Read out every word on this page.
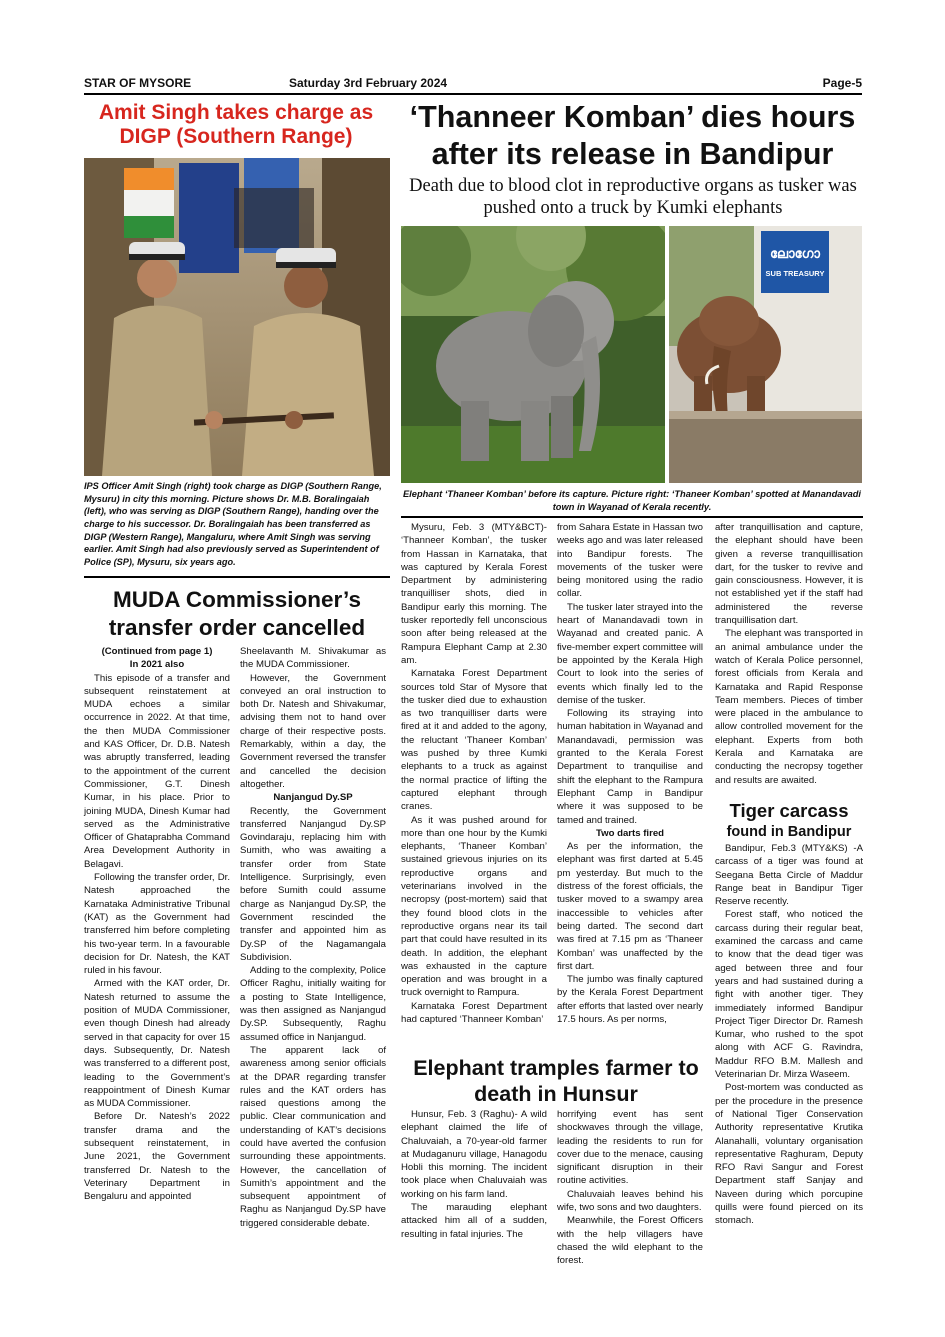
STAR OF MYSORE	Saturday 3rd February 2024	Page-5
Amit Singh takes charge as DIGP (Southern Range)
IPS Officer Amit Singh (right) took charge as DIGP (Southern Range, Mysuru) in city this morning. Picture shows Dr. M.B. Boralingaiah (left), who was serving as DIGP (Southern Range), handing over the charge to his successor. Dr. Boralingaiah has been transferred as DIGP (Western Range), Mangaluru, where Amit Singh was serving earlier. Amit Singh had also previously served as Superintendent of Police (SP), Mysuru, six years ago.
MUDA Commissioner’s transfer order cancelled

(Continued from page 1)

In 2021 also

This episode of a transfer and subsequent reinstatement at MUDA echoes a similar occurrence in 2022. At that time, the then MUDA Commissioner and KAS Officer, Dr. D.B. Natesh was abruptly transferred, leading to the appointment of the current Commissioner, G.T. Dinesh Kumar, in his place. Prior to joining MUDA, Dinesh Kumar had served as the Administrative Officer of Ghataprabha Command Area Development Authority in Belagavi.

Following the transfer order, Dr. Natesh approached the Karnataka Administrative Tribunal (KAT) as the Government had transferred him before completing his two-year term. In a favourable decision for Dr. Natesh, the KAT ruled in his favour.

Armed with the KAT order, Dr. Natesh returned to assume the position of MUDA Commissioner, even though Dinesh had already served in that capacity for over 15 days. Subsequently, Dr. Natesh was transferred to a different post, leading to the Government’s reappointment of Dinesh Kumar as MUDA Commissioner.

Before Dr. Natesh’s 2022 transfer drama and the subsequent reinstatement, in June 2021, the Government transferred Dr. Natesh to the Veterinary Department in Bengaluru and appointed

Sheelavanth M. Shivakumar as the MUDA Commissioner.

However, the Government conveyed an oral instruction to both Dr. Natesh and Shivakumar, advising them not to hand over charge of their respective posts. Remarkably, within a day, the Government reversed the transfer and cancelled the decision altogether.

Nanjangud Dy.SP

Recently, the Government transferred Nanjangud Dy.SP Govindaraju, replacing him with Sumith, who was awaiting a transfer order from State Intelligence. Surprisingly, even before Sumith could assume charge as Nanjangud Dy.SP, the Government rescinded the transfer and appointed him as Dy.SP of the Nagamangala Subdivision.

Adding to the complexity, Police Officer Raghu, initially waiting for a posting to State Intelligence, was then assigned as Nanjangud Dy.SP. Subsequently, Raghu assumed office in Nanjangud.

The apparent lack of awareness among senior officials at the DPAR regarding transfer rules and the KAT orders has raised questions among the public. Clear communication and understanding of KAT’s decisions could have averted the confusion surrounding these appointments. However, the cancellation of Sumith’s appointment and the subsequent appointment of Raghu as Nanjangud Dy.SP have triggered considerable debate.

‘Thanneer Komban’ dies hours after its release in Bandipur
Death due to blood clot in reproductive organs as tusker was pushed onto a truck by Kumki elephants
ലോഗോ
SUB TREASURY
Elephant ‘Thaneer Komban’ before its capture. Picture right: ‘Thaneer Komban’ spotted at Manandavadi town in Wayanad of Kerala recently.

Mysuru, Feb. 3 (MTY&BCT)- ‘Thanneer Komban’, the tusker from Hassan in Karnataka, that was captured by Kerala Forest Department by administering tranquilliser shots, died in Bandipur early this morning. The tusker reportedly fell unconscious soon after being released at the Rampura Elephant Camp at 2.30 am.

Karnataka Forest Department sources told Star of Mysore that the tusker died due to exhaustion as two tranquilliser darts were fired at it and added to the agony, the reluctant ‘Thaneer Komban’ was pushed by three Kumki elephants to a truck as against the normal practice of lifting the captured elephant through cranes.

As it was pushed around for more than one hour by the Kumki elephants, ‘Thaneer Komban’ sustained grievous injuries on its reproductive organs and veterinarians involved in the necropsy (post-mortem) said that they found blood clots in the reproductive organs near its tail part that could have resulted in its death. In addition, the elephant was exhausted in the capture operation and was brought in a truck overnight to Rampura.

Karnataka Forest Department had captured ‘Thanneer Komban’

from Sahara Estate in Hassan two weeks ago and was later released into Bandipur forests. The movements of the tusker were being monitored using the radio collar.

The tusker later strayed into the heart of Manandavadi town in Wayanad and created panic. A five-member expert committee will be appointed by the Kerala High Court to look into the series of events which finally led to the demise of the tusker.

Following its straying into human habitation in Wayanad and Manandavadi, permission was granted to the Kerala Forest Department to tranquilise and shift the elephant to the Rampura Elephant Camp in Bandipur where it was supposed to be tamed and trained.

Two darts fired

As per the information, the elephant was first darted at 5.45 pm yesterday. But much to the distress of the forest officials, the tusker moved to a swampy area inaccessible to vehicles after being darted. The second dart was fired at 7.15 pm as ‘Thaneer Komban’ was unaffected by the first dart.

The jumbo was finally captured by the Kerala Forest Department after efforts that lasted over nearly 17.5 hours. As per norms,

after tranquillisation and capture, the elephant should have been given a reverse tranquillisation dart, for the tusker to revive and gain consciousness. However, it is not established yet if the staff had administered the reverse tranquillisation dart.

The elephant was transported in an animal ambulance under the watch of Kerala Police personnel, forest officials from Kerala and Karnataka and Rapid Response Team members. Pieces of timber were placed in the ambulance to allow controlled movement for the elephant. Experts from both Kerala and Karnataka are conducting the necropsy together and results are awaited.

Tiger carcass
found in Bandipur

Bandipur, Feb.3 (MTY&KS) -A carcass of a tiger was found at Seegana Betta Circle of Maddur Range beat in Bandipur Tiger Reserve recently.

Forest staff, who noticed the carcass during their regular beat, examined the carcass and came to know that the dead tiger was aged between three and four years and had sustained during a fight with another tiger. They immediately informed Bandipur Project Tiger Director Dr. Ramesh Kumar, who rushed to the spot along with ACF G. Ravindra, Maddur RFO B.M. Mallesh and Veterinarian Dr. Mirza Waseem.

Post-mortem was conducted as per the procedure in the presence of National Tiger Conservation Authority representative Krutika Alanahalli, voluntary organisation representative Raghuram, Deputy RFO Ravi Sangur and Forest Department staff Sanjay and Naveen during which porcupine quills were found pierced on its stomach.

Elephant tramples farmer to death in Hunsur

Hunsur, Feb. 3 (Raghu)- A wild elephant claimed the life of Chaluvaiah, a 70-year-old farmer at Mudaganuru village, Hanagodu Hobli this morning. The incident took place when Chaluvaiah was working on his farm land.

The marauding elephant attacked him all of a sudden, resulting in fatal injuries. The

horrifying event has sent shockwaves through the village, leading the residents to run for cover due to the menace, causing significant disruption in their routine activities.

Chaluvaiah leaves behind his wife, two sons and two daughters.

Meanwhile, the Forest Officers with the help villagers have chased the wild elephant to the forest.
